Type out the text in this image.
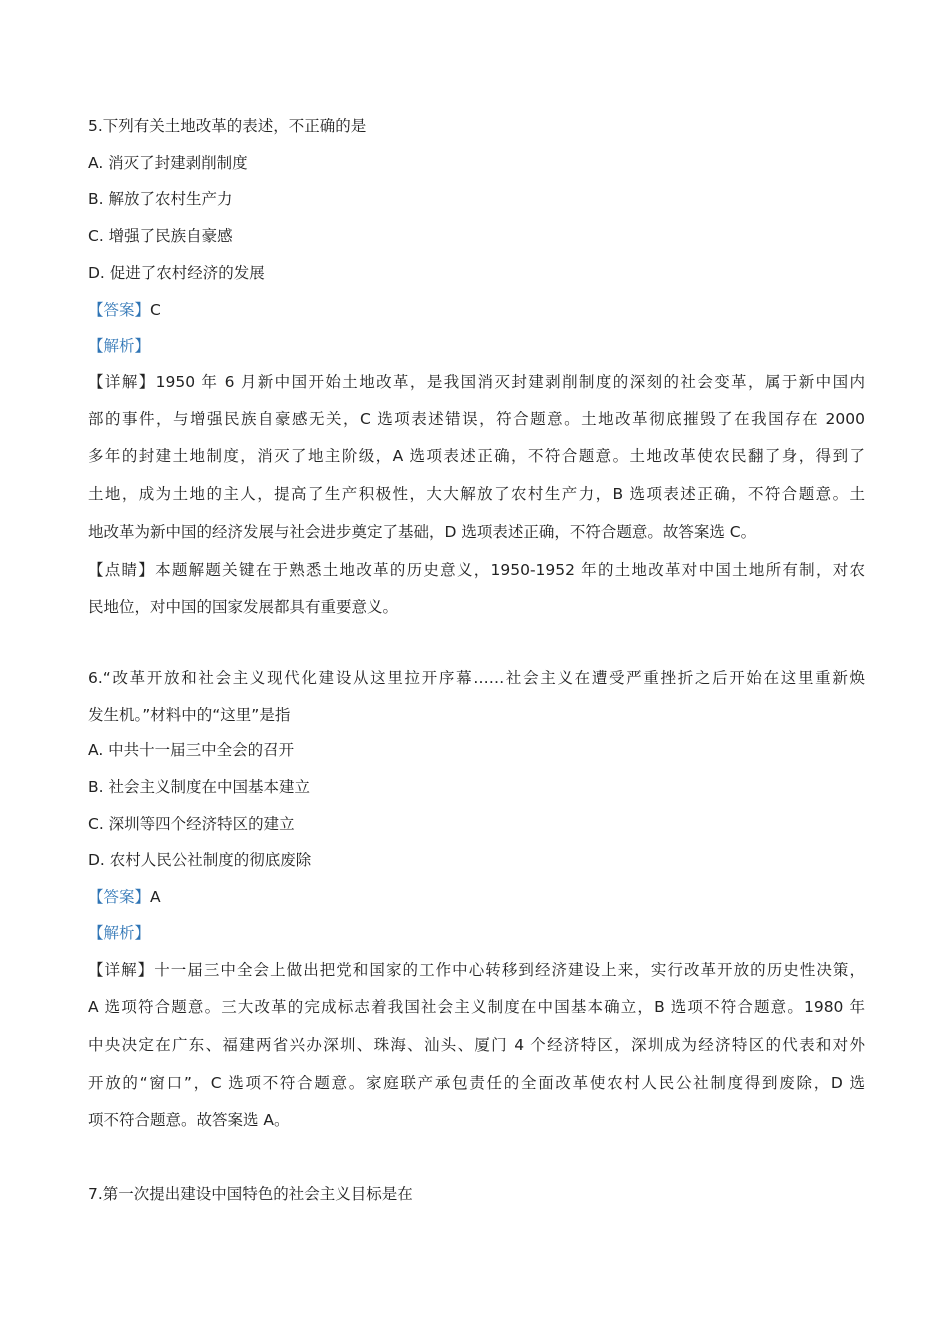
5.下列有关土地改革的表述，不正确的是
A. 消灭了封建剥削制度
B. 解放了农村生产力
C. 增强了民族自豪感
D. 促进了农村经济的发展
【答案】C
【解析】
【详解】1950 年 6 月新中国开始土地改革，是我国消灭封建剥削制度的深刻的社会变革，属于新中国内
部的事件，与增强民族自豪感无关，C 选项表述错误，符合题意。土地改革彻底摧毁了在我国存在 2000
多年的封建土地制度，消灭了地主阶级，A 选项表述正确，不符合题意。土地改革使农民翻了身，得到了
土地，成为土地的主人，提高了生产积极性，大大解放了农村生产力，B 选项表述正确，不符合题意。土
地改革为新中国的经济发展与社会进步奠定了基础，D 选项表述正确，不符合题意。故答案选 C。
【点睛】本题解题关键在于熟悉土地改革的历史意义，1950-1952 年的土地改革对中国土地所有制，对农
民地位，对中国的国家发展都具有重要意义。
6.“改革开放和社会主义现代化建设从这里拉开序幕……社会主义在遭受严重挫折之后开始在这里重新焕
发生机。”材料中的“这里”是指
A. 中共十一届三中全会的召开
B. 社会主义制度在中国基本建立
C. 深圳等四个经济特区的建立
D. 农村人民公社制度的彻底废除
【答案】A
【解析】
【详解】十一届三中全会上做出把党和国家的工作中心转移到经济建设上来，实行改革开放的历史性决策，
A 选项符合题意。三大改革的完成标志着我国社会主义制度在中国基本确立，B 选项不符合题意。1980 年
中央决定在广东、福建两省兴办深圳、珠海、汕头、厦门 4 个经济特区，深圳成为经济特区的代表和对外
开放的“窗口”，C 选项不符合题意。家庭联产承包责任的全面改革使农村人民公社制度得到废除，D 选
项不符合题意。故答案选 A。
7.第一次提出建设中国特色的社会主义目标是在
